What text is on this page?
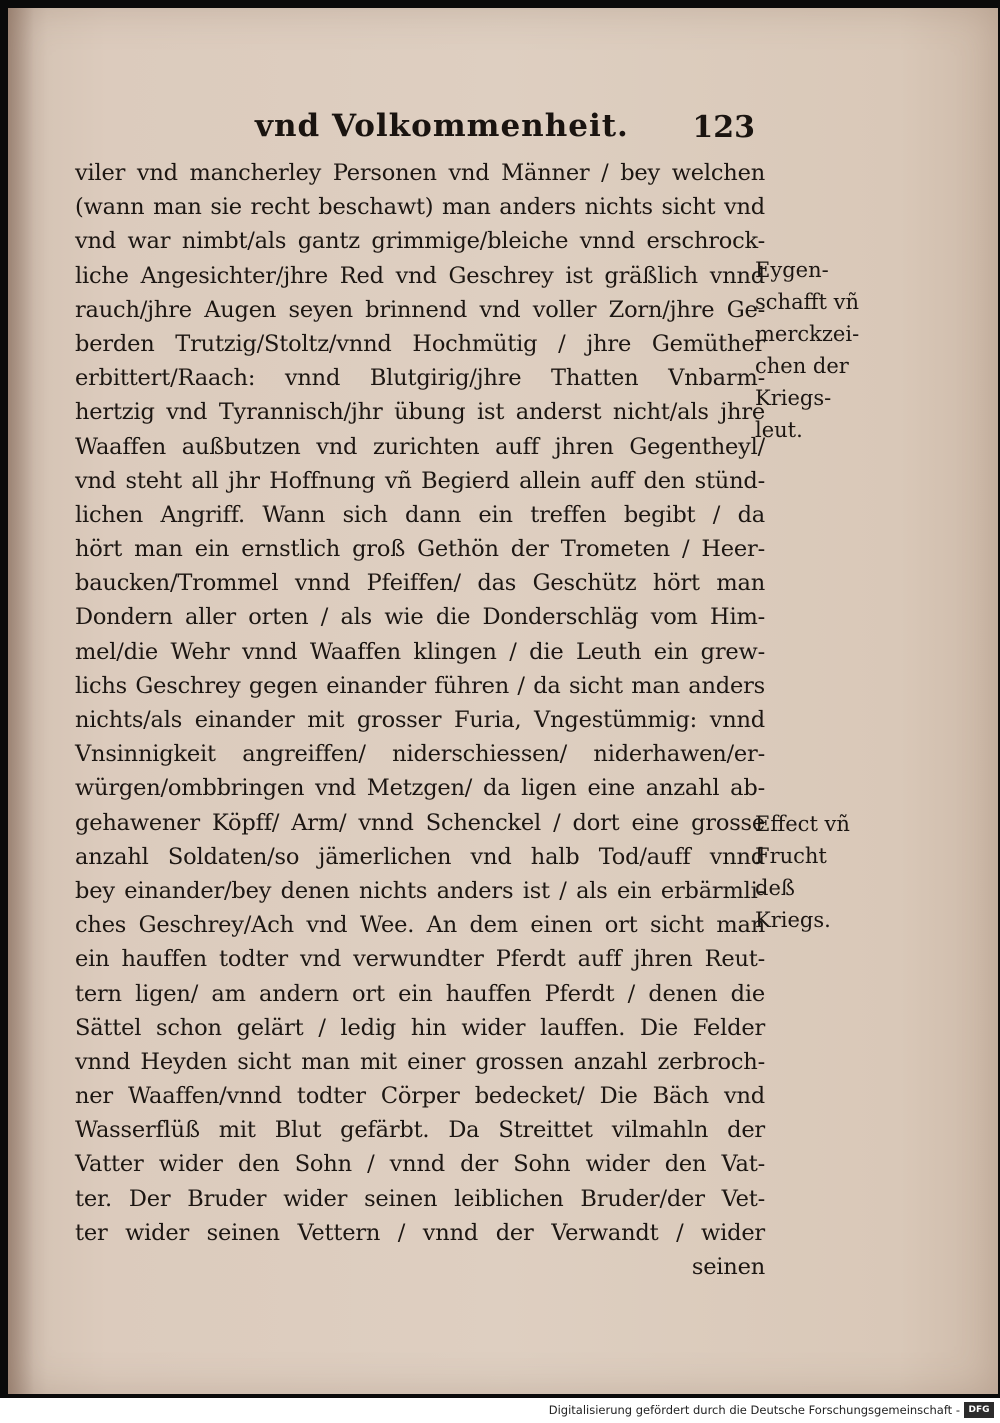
vnd Volkommenheit. 123
viler vnd mancherley Personen vnd Männer / bey welchen
(wann man sie recht beschawt) man anders nichts sicht vnd
vnd war nimbt/als gantz grimmige/bleiche vnnd erschrock-
liche Angesichter/jhre Red vnd Geschrey ist gräßlich vnnd
rauch/jhre Augen seyen brinnend vnd voller Zorn/jhre Ge-
berden Trutzig/Stoltz/vnnd Hochmütig / jhre Gemüther
erbittert/Raach: vnnd Blutgirig/jhre Thatten Vnbarm-
hertzig vnd Tyrannisch/jhr übung ist anderst nicht/als jhre
Waaffen außbutzen vnd zurichten auff jhren Gegentheyl/
vnd steht all jhr Hoffnung vñ Begierd allein auff den stünd-
lichen Angriff. Wann sich dann ein treffen begibt / da
hört man ein ernstlich groß Gethön der Trometen / Heer-
baucken/Trommel vnnd Pfeiffen/ das Geschütz hört man
Dondern aller orten / als wie die Donderschläg vom Him-
mel/die Wehr vnnd Waaffen klingen / die Leuth ein grew-
lichs Geschrey gegen einander führen / da sicht man anders
nichts/als einander mit grosser Furia, Vngestümmig: vnnd
Vnsinnigkeit angreiffen/ niderschiessen/ niderhawen/er-
würgen/ombbringen vnd Metzgen/ da ligen eine anzahl ab-
gehawener Köpff/ Arm/ vnnd Schenckel / dort eine grosse
anzahl Soldaten/so jämerlichen vnd halb Tod/auff vnnd
bey einander/bey denen nichts anders ist / als ein erbärmli-
ches Geschrey/Ach vnd Wee. An dem einen ort sicht man
ein hauffen todter vnd verwundter Pferdt auff jhren Reut-
tern ligen/ am andern ort ein hauffen Pferdt / denen die
Sättel schon gelärt / ledig hin wider lauffen. Die Felder
vnnd Heyden sicht man mit einer grossen anzahl zerbroch-
ner Waaffen/vnnd todter Cörper bedecket/ Die Bäch vnd
Wasserflüß mit Blut gefärbt. Da Streittet vilmahln der
Vatter wider den Sohn / vnnd der Sohn wider den Vat-
ter. Der Bruder wider seinen leiblichen Bruder/der Vet-
ter wider seinen Vettern / vnnd der Verwandt / wider
seinen
Eygen-
schafft vñ
merckzei-
chen der
Kriegs-
leut.
Effect vñ
Frucht
deß
Kriegs.
Digitalisierung gefördert durch die Deutsche Forschungsgemeinschaft - DFG
